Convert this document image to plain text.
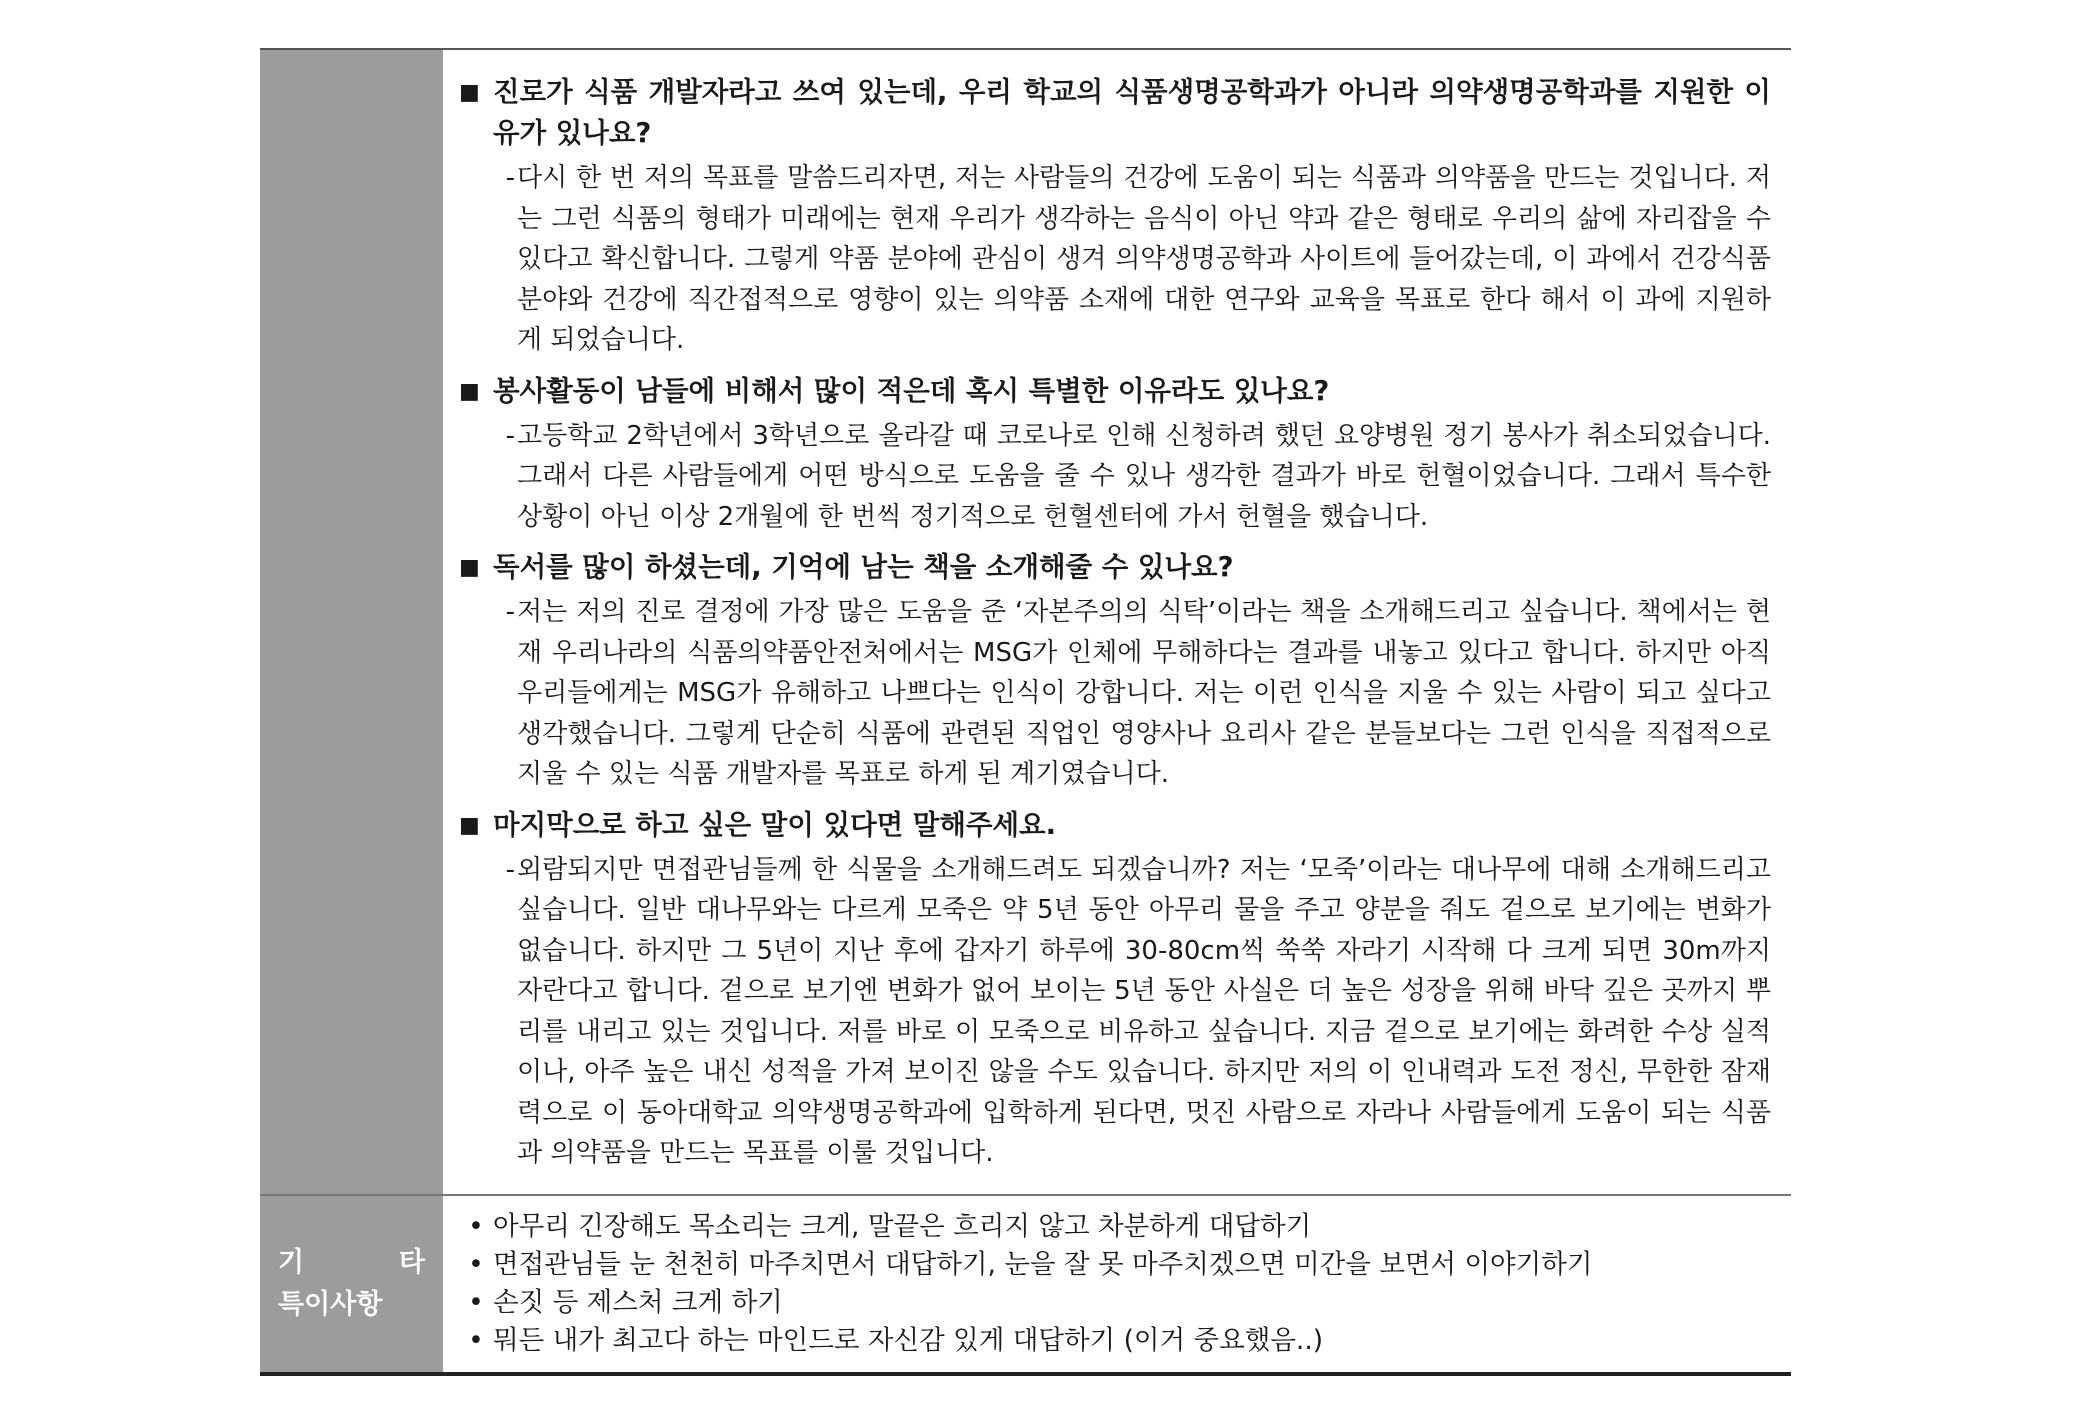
■ 진로가 식품 개발자라고 쓰여 있는데, 우리 학교의 식품생명공학과가 아니라 의약생명공학과를 지원한 이유가 있나요?
- 다시 한 번 저의 목표를 말씀드리자면, 저는 사람들의 건강에 도움이 되는 식품과 의약품을 만드는 것입니다. 저는 그런 식품의 형태가 미래에는 현재 우리가 생각하는 음식이 아닌 약과 같은 형태로 우리의 삶에 자리잡을 수 있다고 확신합니다. 그렇게 약품 분야에 관심이 생겨 의약생명공학과 사이트에 들어갔는데, 이 과에서 건강식품 분야와 건강에 직간접적으로 영향이 있는 의약품 소재에 대한 연구와 교육을 목표로 한다 해서 이 과에 지원하게 되었습니다.
■ 봉사활동이 남들에 비해서 많이 적은데 혹시 특별한 이유라도 있나요?
- 고등학교 2학년에서 3학년으로 올라갈 때 코로나로 인해 신청하려 했던 요양병원 정기 봉사가 취소되었습니다. 그래서 다른 사람들에게 어떤 방식으로 도움을 줄 수 있나 생각한 결과가 바로 헌혈이었습니다. 그래서 특수한 상황이 아닌 이상 2개월에 한 번씩 정기적으로 헌혈센터에 가서 헌혈을 했습니다.
■ 독서를 많이 하셨는데, 기억에 남는 책을 소개해줄 수 있나요?
- 저는 저의 진로 결정에 가장 많은 도움을 준 ‘자본주의의 식탁’이라는 책을 소개해드리고 싶습니다. 책에서는 현재 우리나라의 식품의약품안전처에서는 MSG가 인체에 무해하다는 결과를 내놓고 있다고 합니다. 하지만 아직 우리들에게는 MSG가 유해하고 나쁘다는 인식이 강합니다. 저는 이런 인식을 지울 수 있는 사람이 되고 싶다고 생각했습니다. 그렇게 단순히 식품에 관련된 직업인 영양사나 요리사 같은 분들보다는 그런 인식을 직접적으로 지울 수 있는 식품 개발자를 목표로 하게 된 계기였습니다.
■ 마지막으로 하고 싶은 말이 있다면 말해주세요.
- 외람되지만 면접관님들께 한 식물을 소개해드려도 되겠습니까? 저는 ‘모죽’이라는 대나무에 대해 소개해드리고 싶습니다. 일반 대나무와는 다르게 모죽은 약 5년 동안 아무리 물을 주고 양분을 줘도 겉으로 보기에는 변화가 없습니다. 하지만 그 5년이 지난 후에 갑자기 하루에 30-80cm씩 쑥쑥 자라기 시작해 다 크게 되면 30m까지 자란다고 합니다. 겉으로 보기엔 변화가 없어 보이는 5년 동안 사실은 더 높은 성장을 위해 바닥 깊은 곳까지 뿌리를 내리고 있는 것입니다. 저를 바로 이 모죽으로 비유하고 싶습니다. 지금 겉으로 보기에는 화려한 수상 실적이나, 아주 높은 내신 성적을 가져 보이진 않을 수도 있습니다. 하지만 저의 이 인내력과 도전 정신, 무한한 잠재력으로 이 동아대학교 의약생명공학과에 입학하게 된다면, 멋진 사람으로 자라나 사람들에게 도움이 되는 식품과 의약품을 만드는 목표를 이룰 것입니다.
기 타
특이사항
• 아무리 긴장해도 목소리는 크게, 말끝은 흐리지 않고 차분하게 대답하기
• 면접관님들 눈 천천히 마주치면서 대답하기, 눈을 잘 못 마주치겠으면 미간을 보면서 이야기하기
• 손짓 등 제스처 크게 하기
• 뭐든 내가 최고다 하는 마인드로 자신감 있게 대답하기 (이거 중요했음..)
